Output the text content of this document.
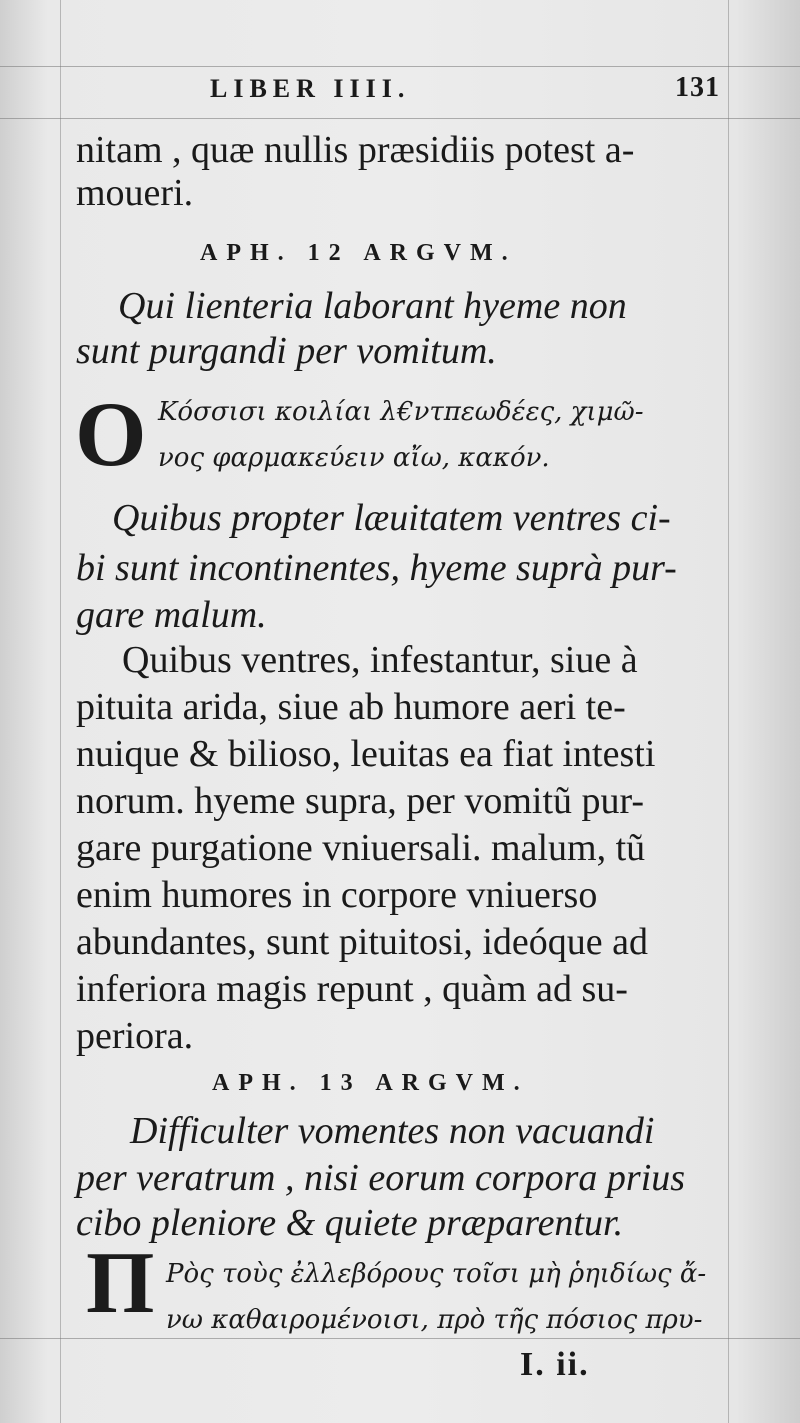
LIBER IIII.	131
nitam , quæ nullis præsidiis potest a-
moueri.
APH. 12 ARGVM.
Qui lienteria laborant hyeme non
sunt purgandi per vomitum.
O Κόσσισι κοιλίαι λ€ντπεωδέες, χιμῶ-
νος φαρμακεύειν αἴω, κακόν.
Quibus propter læuitatem ventres ci-
bi sunt incontinentes, hyeme suprà pur-
gare malum.
Quibus ventres, infestantur, siue à
pituita arida, siue ab humore aeri te-
nuique & bilioso, leuitas ea fiat intesti
norum. hyeme supra, per vomitũ pur-
gare purgatione vniuersali. malum, tũ
enim humores in corpore vniuerso
abundantes, sunt pituitosi, ideóque ad
inferiora magis repunt , quàm ad su-
periora.
APH. 13 ARGVM.
Difficulter vomentes non vacuandi
per veratrum , nisi eorum corpora prius
cibo pleniore & quiete præparentur.
Π Ρὸς τοὺς ἐλλεβόρους τοῖσι μὴ ῥηιδίως ἄ-
νω καθαιρομένοισι, πρὸ τῆς πόσιος πρυ-
I. ii.
